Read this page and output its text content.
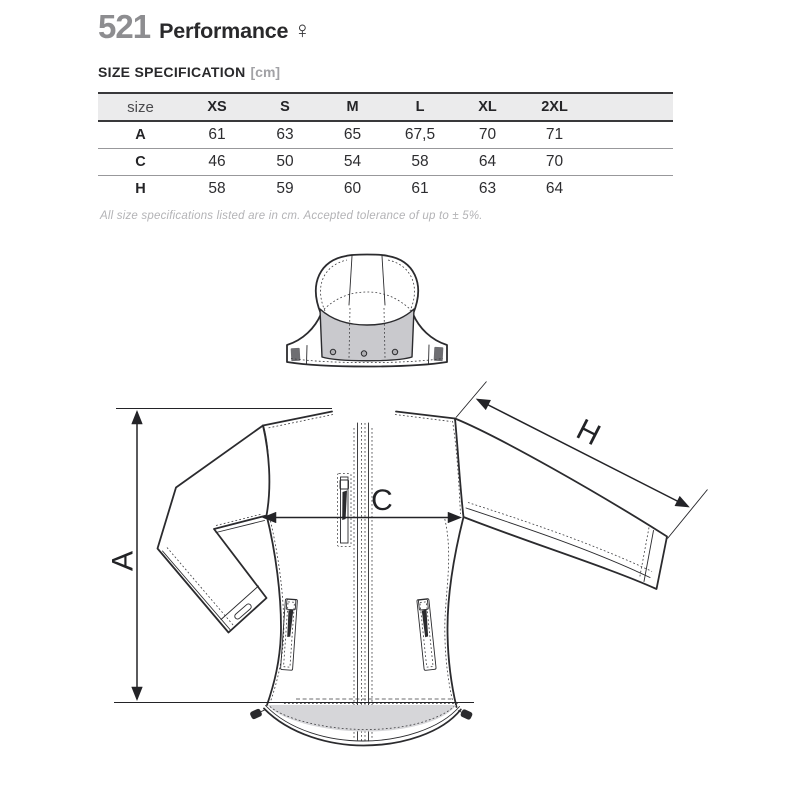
521 Performance ♀
SIZE SPECIFICATION [cm]
size	XS	S	M	L	XL	2XL	
A	61	63	65	67,5	70	71	
C	46	50	54	58	64	70	
H	58	59	60	61	63	64	

All size specifications listed are in cm. Accepted tolerance of up to ± 5%.

A
C
H
